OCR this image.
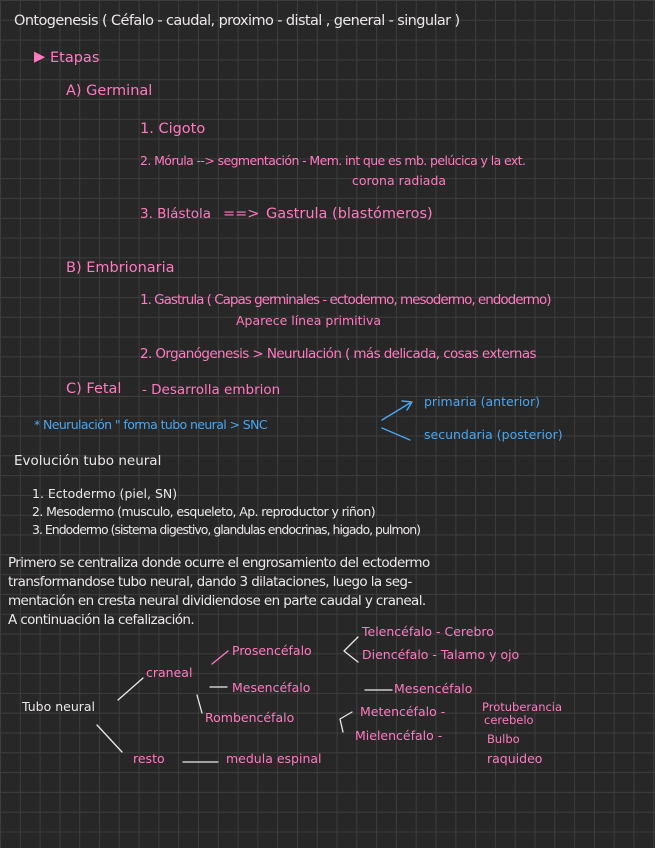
Ontogenesis ( Céfalo - caudal, proximo - distal , general - singular )
▶ Etapas
A) Germinal
1. Cigoto
2. Mórula --> segmentación - Mem. int que es mb. pelúcica y la ext.
corona radiada
3. Blástola ==> Gastrula (blastómeros)
B) Embrionaria
1. Gastrula ( Capas germinales - ectodermo, mesodermo, endodermo)
Aparece línea primitiva
2. Organógenesis > Neurulación ( más delicada, cosas externas
C) Fetal - Desarrolla embrion
* Neurulación " forma tubo neural > SNC
primaria (anterior)
secundaria (posterior)
Evolución tubo neural
1. Ectodermo (piel, SN)
2. Mesodermo (musculo, esqueleto, Ap. reproductor y riñon)
3. Endodermo (sistema digestivo, glandulas endocrinas, higado, pulmon)
Primero se centraliza donde ocurre el engrosamiento del ectodermo
transformandose tubo neural, dando 3 dilataciones, luego la seg-
mentación en cresta neural dividiendose en parte caudal y craneal.
A continuación la cefalización.
Tubo neural
craneal
resto
Prosencéfalo
Mesencéfalo
Rombencéfalo
Telencéfalo - Cerebro
Diencéfalo - Talamo y ojo
Mesencéfalo
Metencéfalo -	Protuberancia
cerebelo
Mielencéfalo -	Bulbo
raquideo
medula espinal
